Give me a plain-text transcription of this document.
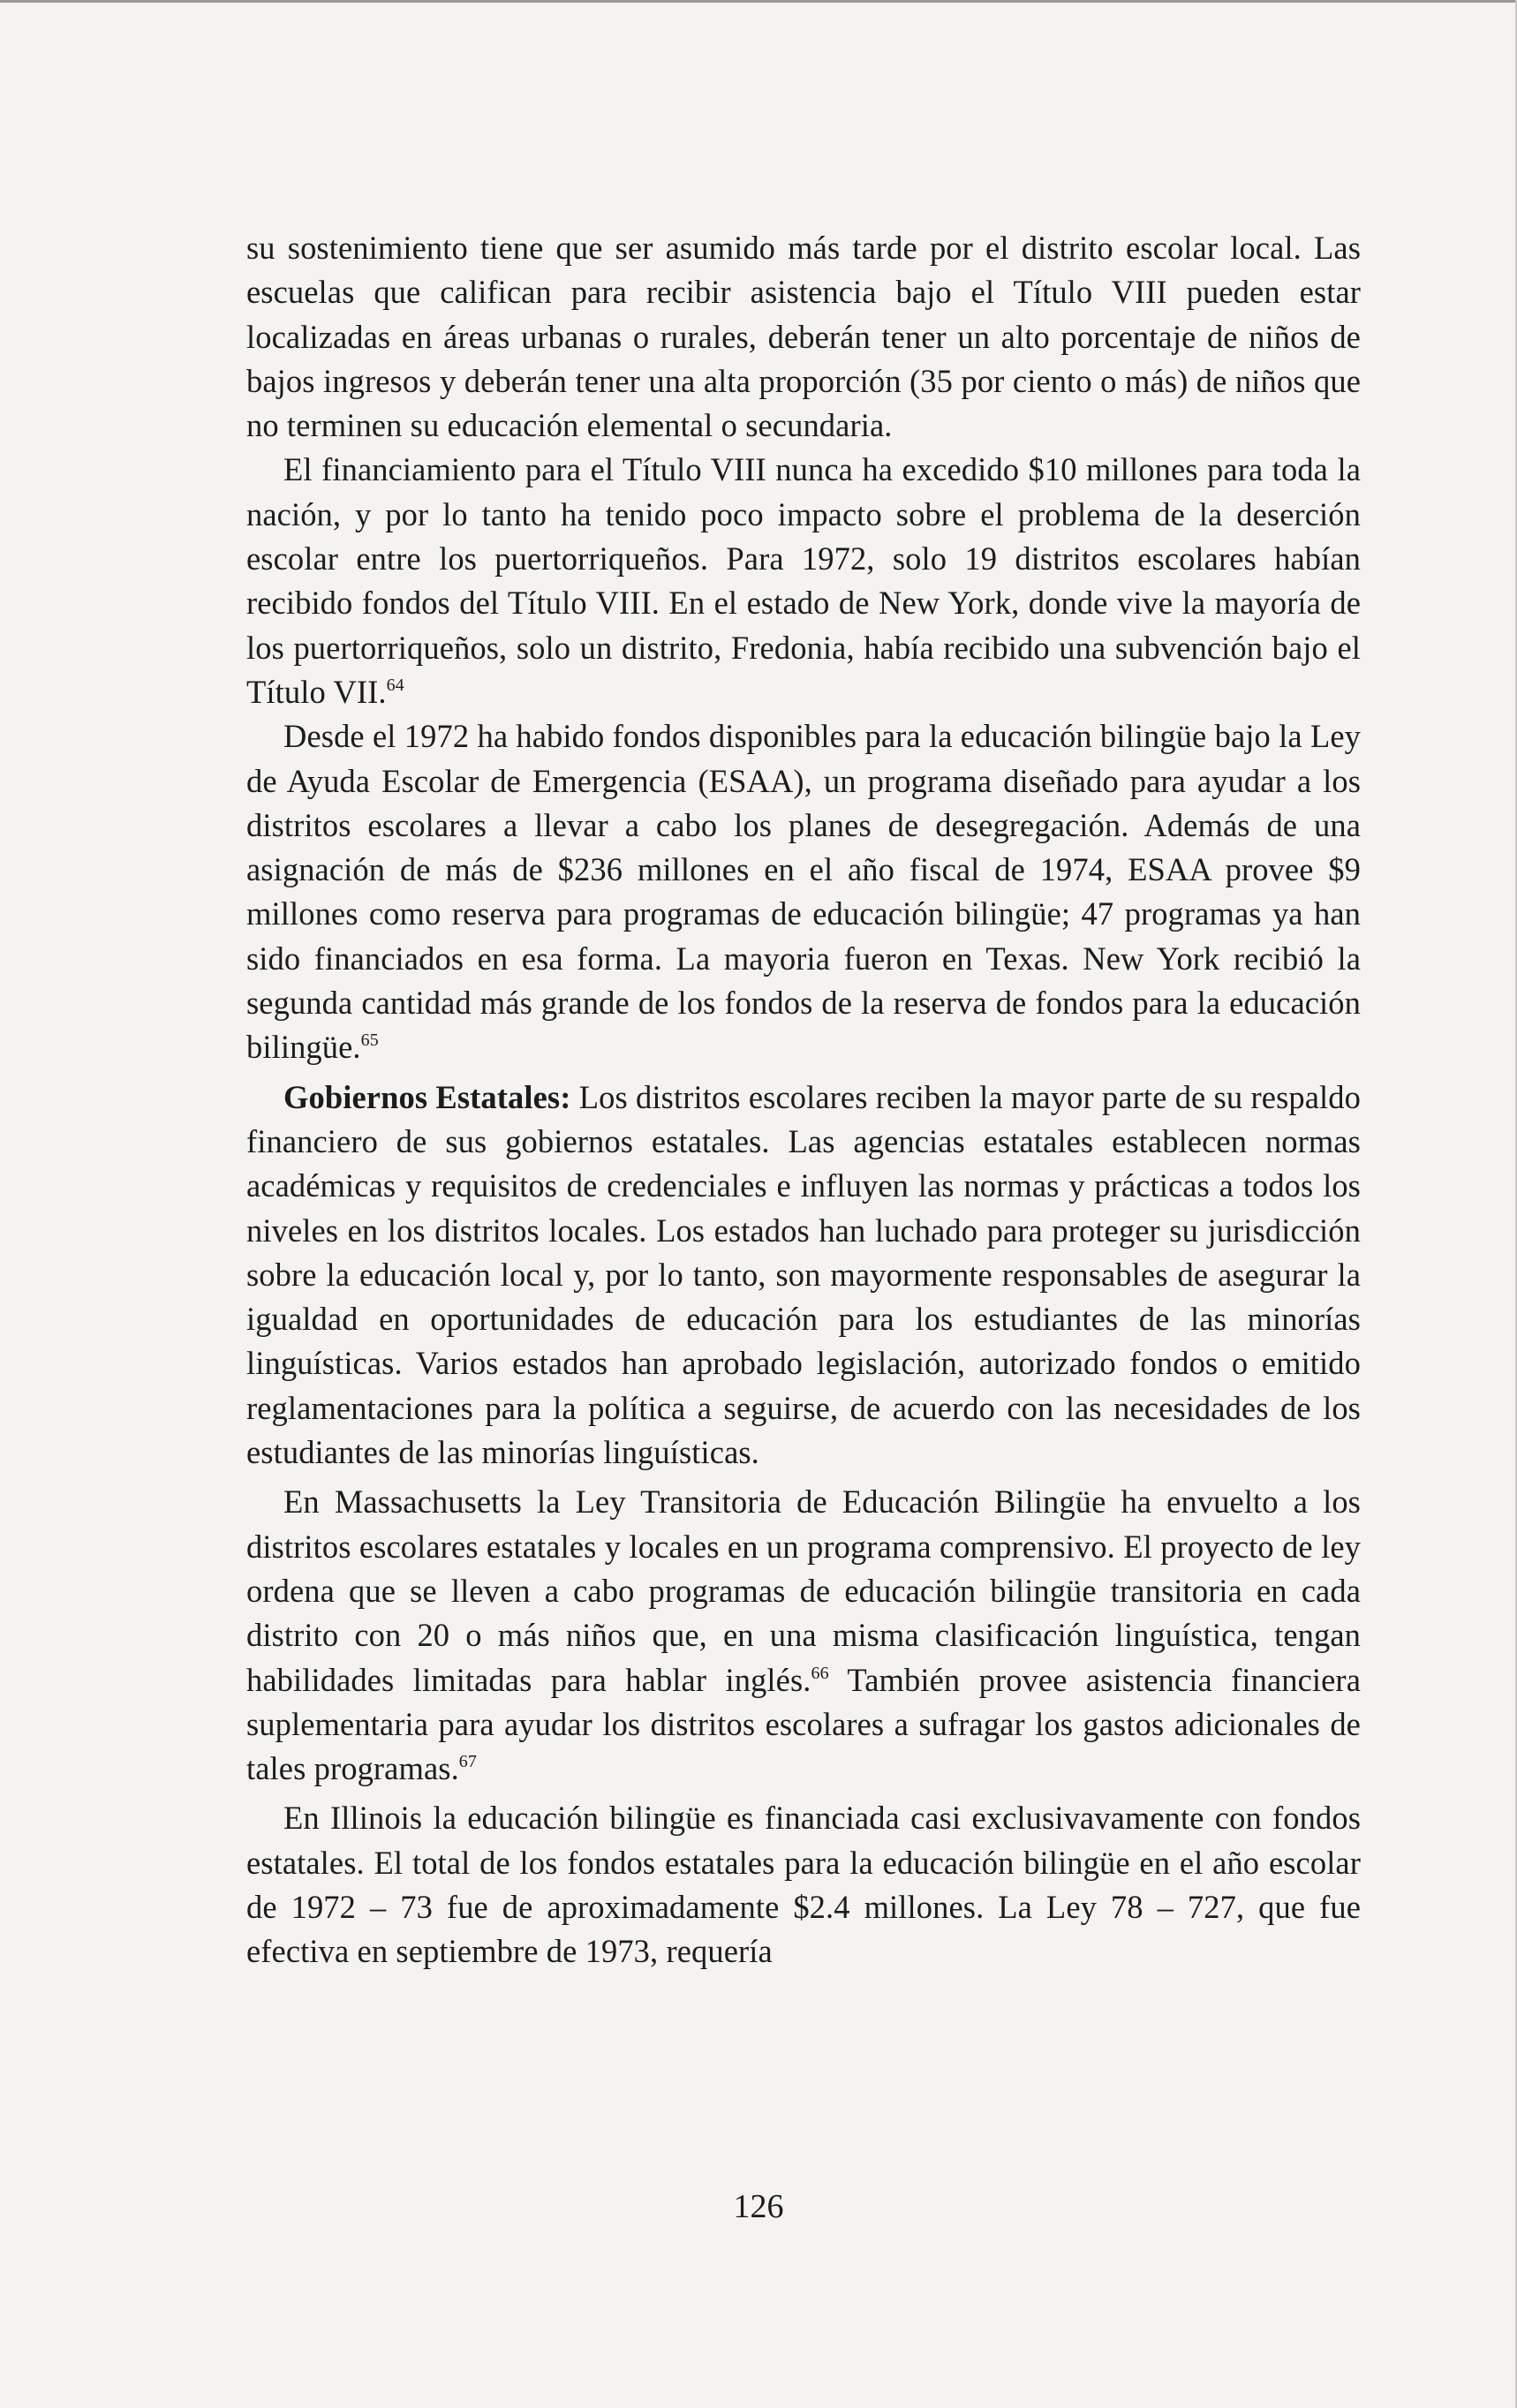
su sostenimiento tiene que ser asumido más tarde por el distrito escolar local. Las escuelas que califican para recibir asistencia bajo el Título VIII pueden estar localizadas en áreas urbanas o rurales, deberán tener un alto porcentaje de niños de bajos ingresos y deberán tener una alta proporción (35 por ciento o más) de niños que no terminen su educación elemental o secundaria.

El financiamiento para el Título VIII nunca ha excedido $10 millones para toda la nación, y por lo tanto ha tenido poco impacto sobre el problema de la deserción escolar entre los puertorriqueños. Para 1972, solo 19 distritos escolares habían recibido fondos del Título VIII. En el estado de New York, donde vive la mayoría de los puertorriqueños, solo un distrito, Fredonia, había recibido una subvención bajo el Título VII.$^{64}$

Desde el 1972 ha habido fondos disponibles para la educación bilingüe bajo la Ley de Ayuda Escolar de Emergencia (ESAA), un programa diseñado para ayudar a los distritos escolares a llevar a cabo los planes de desegregación. Además de una asignación de más de $236 millones en el año fiscal de 1974, ESAA provee $9 millones como reserva para programas de educación bilingüe; 47 programas ya han sido financiados en esa forma. La mayoria fueron en Texas. New York recibió la segunda cantidad más grande de los fondos de la reserva de fondos para la educación bilingüe.$^{65}$

Gobiernos Estatales: Los distritos escolares reciben la mayor parte de su respaldo financiero de sus gobiernos estatales. Las agencias estatales establecen normas académicas y requisitos de credenciales e influyen las normas y prácticas a todos los niveles en los distritos locales. Los estados han luchado para proteger su jurisdicción sobre la educación local y, por lo tanto, son mayormente responsables de asegurar la igualdad en oportunidades de educación para los estudiantes de las minorías linguísticas. Varios estados han aprobado legislación, autorizado fondos o emitido reglamentaciones para la política a seguirse, de acuerdo con las necesidades de los estudiantes de las minorías linguísticas.

En Massachusetts la Ley Transitoria de Educación Bilingüe ha envuelto a los distritos escolares estatales y locales en un programa comprensivo. El proyecto de ley ordena que se lleven a cabo programas de educación bilingüe transitoria en cada distrito con 20 o más niños que, en una misma clasificación linguística, tengan habilidades limitadas para hablar inglés.$^{66}$ También provee asistencia financiera suplementaria para ayudar los distritos escolares a sufragar los gastos adicionales de tales programas.$^{67}$

En Illinois la educación bilingüe es financiada casi exclusivavamente con fondos estatales. El total de los fondos estatales para la educación bilingüe en el año escolar de 1972 – 73 fue de aproximadamente $2.4 millones. La Ley 78 – 727, que fue efectiva en septiembre de 1973, requería

126
